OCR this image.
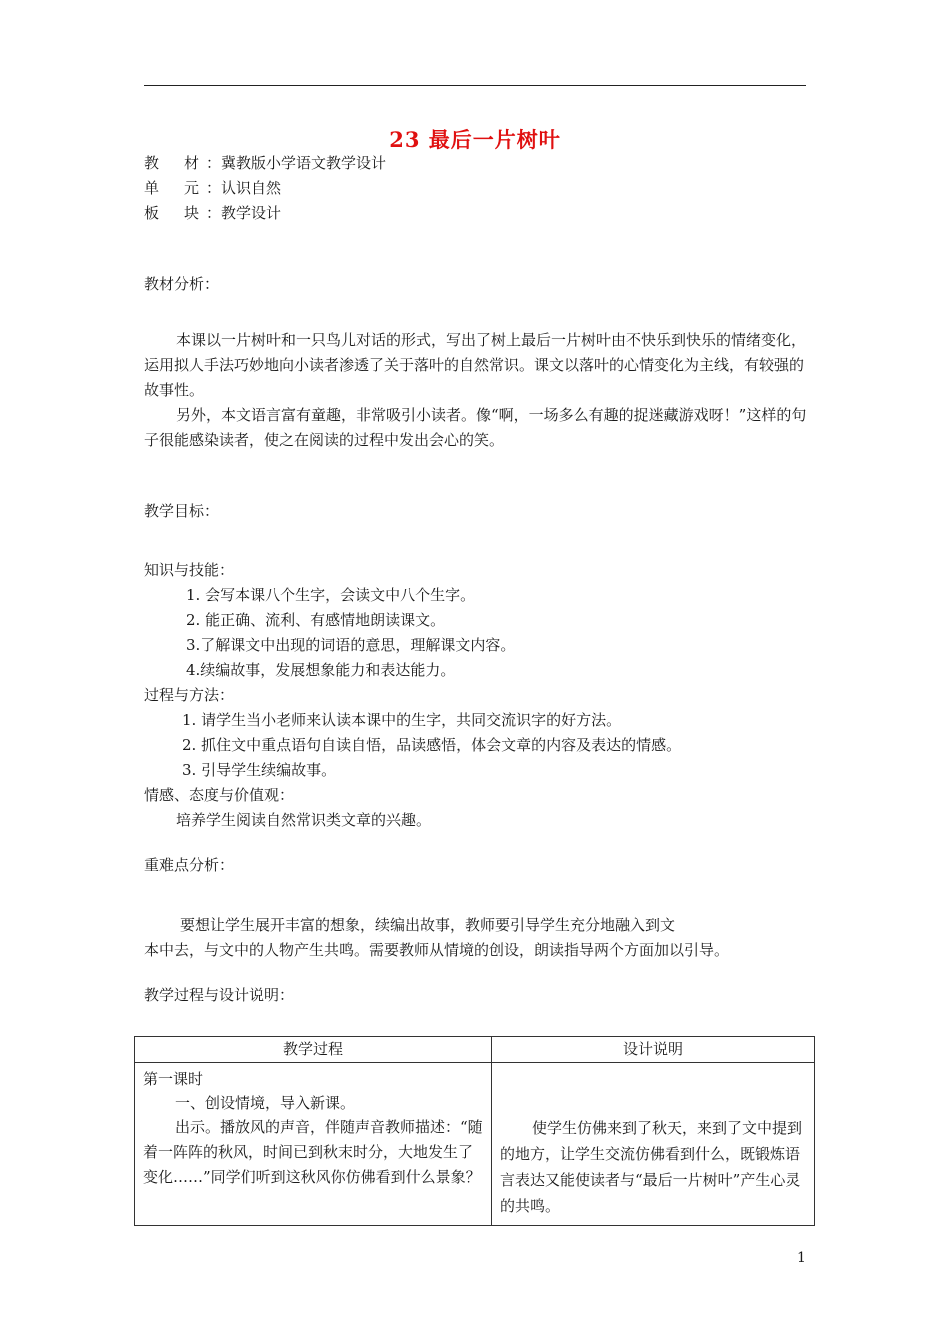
23 最后一片树叶
教 材 ：冀教版小学语文教学设计
单 元 ：认识自然
板 块 ：教学设计
教材分析：
本课以一片树叶和一只鸟儿对话的形式，写出了树上最后一片树叶由不快乐到快乐的情绪变化，运用拟人手法巧妙地向小读者渗透了关于落叶的自然常识。课文以落叶的心情变化为主线，有较强的故事性。
另外，本文语言富有童趣，非常吸引小读者。像“啊，一场多么有趣的捉迷藏游戏呀！”这样的句子很能感染读者，使之在阅读的过程中发出会心的笑。
教学目标：
知识与技能：
1. 会写本课八个生字，会读文中八个生字。
2. 能正确、流利、有感情地朗读课文。
3.了解课文中出现的词语的意思，理解课文内容。
4.续编故事，发展想象能力和表达能力。
过程与方法：
1. 请学生当小老师来认读本课中的生字，共同交流识字的好方法。
2. 抓住文中重点语句自读自悟，品读感悟，体会文章的内容及表达的情感。
3. 引导学生续编故事。
情感、态度与价值观：
培养学生阅读自然常识类文章的兴趣。
重难点分析：
要想让学生展开丰富的想象，续编出故事，教师要引导学生充分地融入到文
本中去，与文中的人物产生共鸣。需要教师从情境的创设，朗读指导两个方面加以引导。
教学过程与设计说明：
教学过程	设计说明

第一课时
一、创设情境，导入新课。
出示。播放风的声音，伴随声音教师描述：“随着一阵阵的秋风，时间已到秋末时分，大地发生了变化……”同学们听到这秋风你仿佛看到什么景象？	使学生仿佛来到了秋天，来到了文中提到的地方，让学生交流仿佛看到什么，既锻炼语言表达又能使读者与“最后一片树叶”产生心灵的共鸣。
1
